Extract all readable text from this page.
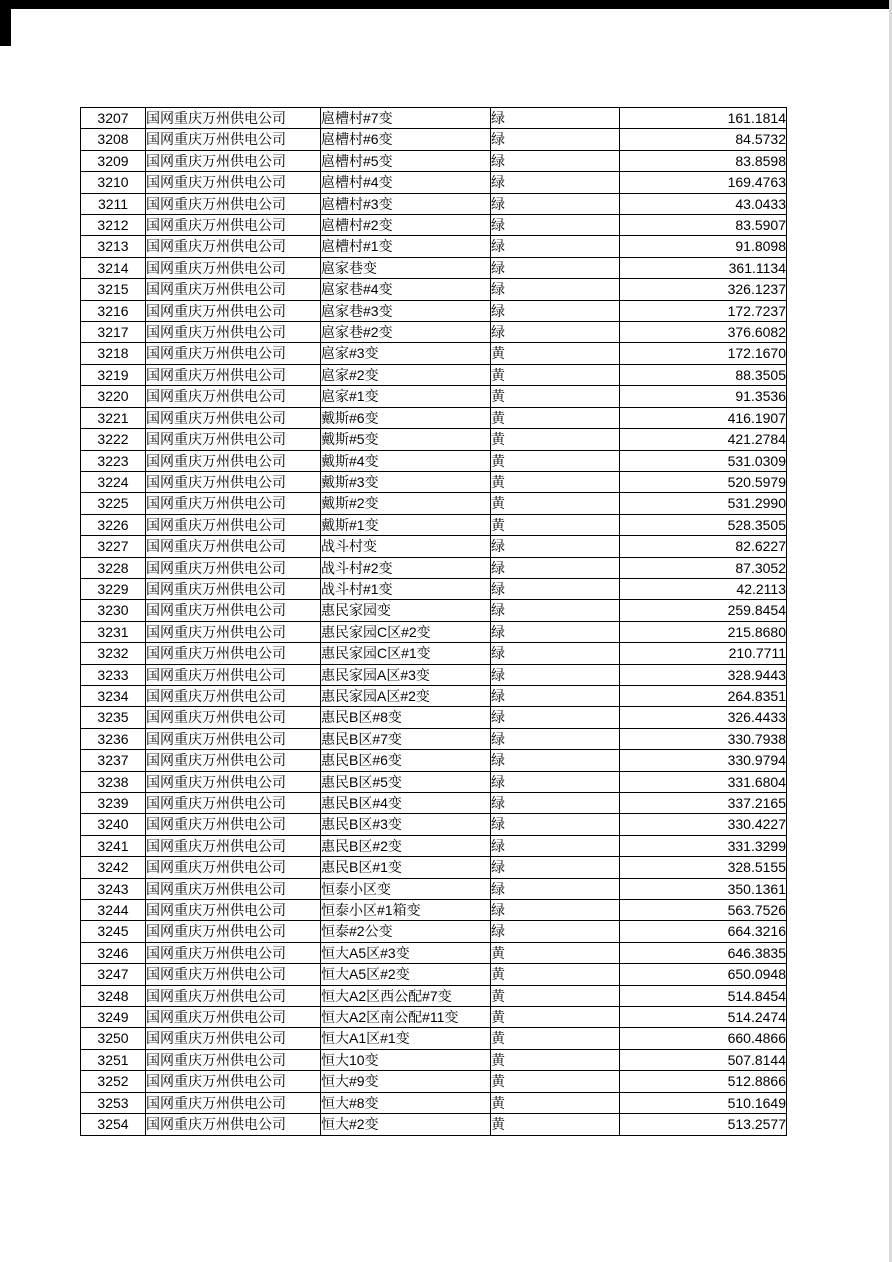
3207	国网重庆万州供电公司	扈槽村#7变	绿	161.1814
3208	国网重庆万州供电公司	扈槽村#6变	绿	84.5732
3209	国网重庆万州供电公司	扈槽村#5变	绿	83.8598
3210	国网重庆万州供电公司	扈槽村#4变	绿	169.4763
3211	国网重庆万州供电公司	扈槽村#3变	绿	43.0433
3212	国网重庆万州供电公司	扈槽村#2变	绿	83.5907
3213	国网重庆万州供电公司	扈槽村#1变	绿	91.8098
3214	国网重庆万州供电公司	扈家巷变	绿	361.1134
3215	国网重庆万州供电公司	扈家巷#4变	绿	326.1237
3216	国网重庆万州供电公司	扈家巷#3变	绿	172.7237
3217	国网重庆万州供电公司	扈家巷#2变	绿	376.6082
3218	国网重庆万州供电公司	扈家#3变	黄	172.1670
3219	国网重庆万州供电公司	扈家#2变	黄	88.3505
3220	国网重庆万州供电公司	扈家#1变	黄	91.3536
3221	国网重庆万州供电公司	戴斯#6变	黄	416.1907
3222	国网重庆万州供电公司	戴斯#5变	黄	421.2784
3223	国网重庆万州供电公司	戴斯#4变	黄	531.0309
3224	国网重庆万州供电公司	戴斯#3变	黄	520.5979
3225	国网重庆万州供电公司	戴斯#2变	黄	531.2990
3226	国网重庆万州供电公司	戴斯#1变	黄	528.3505
3227	国网重庆万州供电公司	战斗村变	绿	82.6227
3228	国网重庆万州供电公司	战斗村#2变	绿	87.3052
3229	国网重庆万州供电公司	战斗村#1变	绿	42.2113
3230	国网重庆万州供电公司	惠民家园变	绿	259.8454
3231	国网重庆万州供电公司	惠民家园C区#2变	绿	215.8680
3232	国网重庆万州供电公司	惠民家园C区#1变	绿	210.7711
3233	国网重庆万州供电公司	惠民家园A区#3变	绿	328.9443
3234	国网重庆万州供电公司	惠民家园A区#2变	绿	264.8351
3235	国网重庆万州供电公司	惠民B区#8变	绿	326.4433
3236	国网重庆万州供电公司	惠民B区#7变	绿	330.7938
3237	国网重庆万州供电公司	惠民B区#6变	绿	330.9794
3238	国网重庆万州供电公司	惠民B区#5变	绿	331.6804
3239	国网重庆万州供电公司	惠民B区#4变	绿	337.2165
3240	国网重庆万州供电公司	惠民B区#3变	绿	330.4227
3241	国网重庆万州供电公司	惠民B区#2变	绿	331.3299
3242	国网重庆万州供电公司	惠民B区#1变	绿	328.5155
3243	国网重庆万州供电公司	恒泰小区变	绿	350.1361
3244	国网重庆万州供电公司	恒泰小区#1箱变	绿	563.7526
3245	国网重庆万州供电公司	恒泰#2公变	绿	664.3216
3246	国网重庆万州供电公司	恒大A5区#3变	黄	646.3835
3247	国网重庆万州供电公司	恒大A5区#2变	黄	650.0948
3248	国网重庆万州供电公司	恒大A2区西公配#7变	黄	514.8454
3249	国网重庆万州供电公司	恒大A2区南公配#11变	黄	514.2474
3250	国网重庆万州供电公司	恒大A1区#1变	黄	660.4866
3251	国网重庆万州供电公司	恒大10变	黄	507.8144
3252	国网重庆万州供电公司	恒大#9变	黄	512.8866
3253	国网重庆万州供电公司	恒大#8变	黄	510.1649
3254	国网重庆万州供电公司	恒大#2变	黄	513.2577
